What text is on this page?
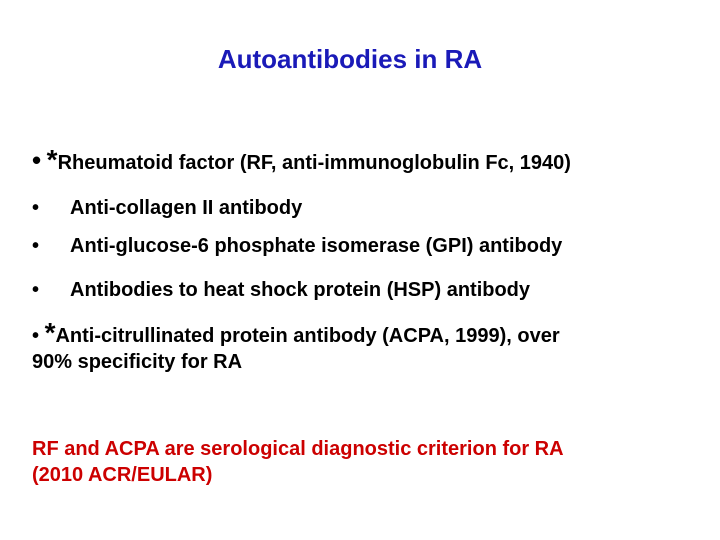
Autoantibodies in RA
• *Rheumatoid factor (RF, anti-immunoglobulin Fc, 1940)
• Anti-collagen II antibody
• Anti-glucose-6 phosphate isomerase (GPI) antibody
• Antibodies to heat shock protein (HSP) antibody
• *Anti-citrullinated protein antibody (ACPA, 1999), over
90% specificity for RA
RF and ACPA are serological diagnostic criterion for RA
(2010 ACR/EULAR)
